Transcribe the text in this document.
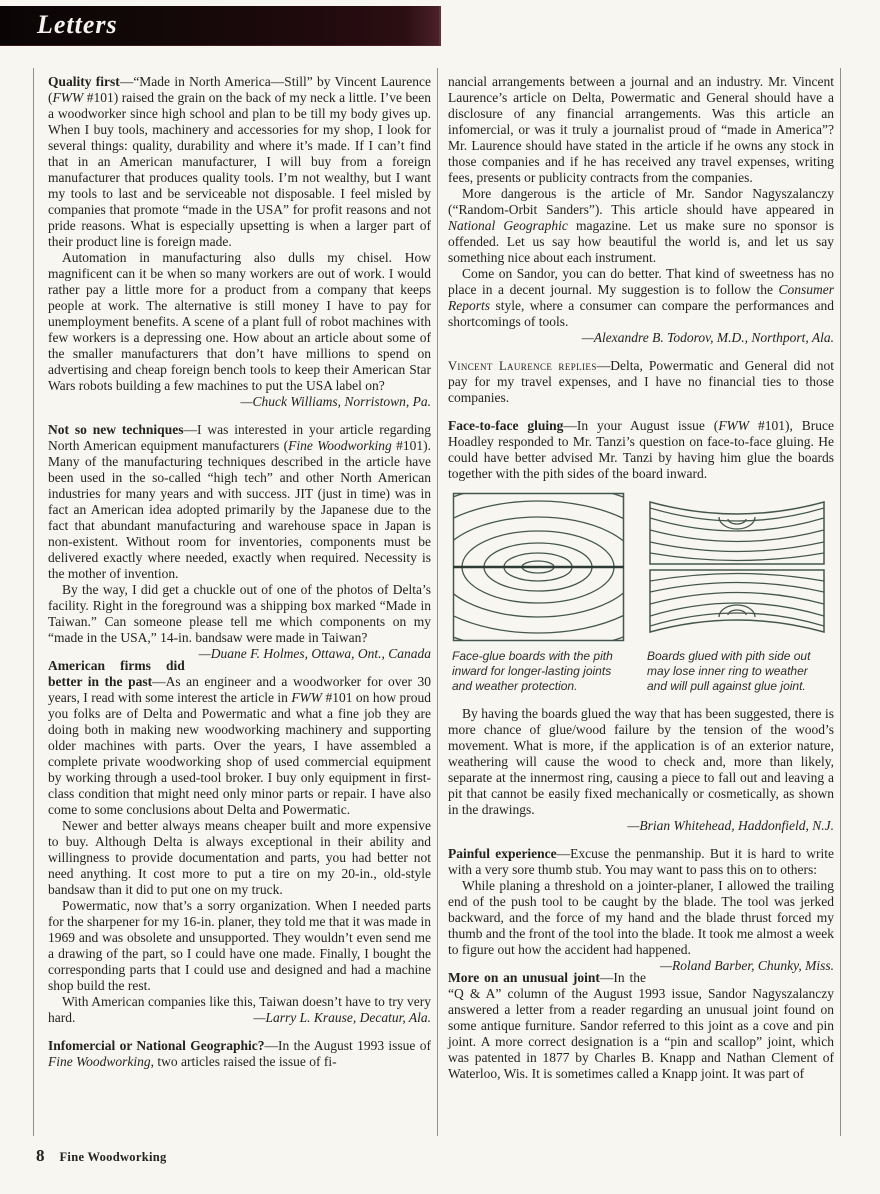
Letters

Quality first—“Made in North America—Still” by Vincent Laurence (FWW #101) raised the grain on the back of my neck a little. I’ve been a woodworker since high school and plan to be till my body gives up. When I buy tools, machinery and accessories for my shop, I look for several things: quality, durability and where it’s made. If I can’t find that in an American manufacturer, I will buy from a foreign manufacturer that produces quality tools. I’m not wealthy, but I want my tools to last and be serviceable not disposable. I feel misled by companies that promote “made in the USA” for profit reasons and not pride reasons. What is especially upsetting is when a larger part of their product line is foreign made.

Automation in manufacturing also dulls my chisel. How magnificent can it be when so many workers are out of work. I would rather pay a little more for a product from a company that keeps people at work. The alternative is still money I have to pay for unemployment benefits. A scene of a plant full of robot machines with few workers is a depressing one. How about an article about some of the smaller manufacturers that don’t have millions to spend on advertising and cheap foreign bench tools to keep their American Star Wars robots building a few machines to put the USA label on?

—Chuck Williams, Norristown, Pa.

Not so new techniques—I was interested in your article regarding North American equipment manufacturers (Fine Woodworking #101). Many of the manufacturing techniques described in the article have been used in the so-called “high tech” and other North American industries for many years and with success. JIT (just in time) was in fact an American idea adopted primarily by the Japanese due to the fact that abundant manufacturing and warehouse space in Japan is non-existent. Without room for inventories, components must be delivered exactly where needed, exactly when required. Necessity is the mother of invention.

By the way, I did get a chuckle out of one of the photos of Delta’s facility. Right in the foreground was a shipping box marked “Made in Taiwan.” Can someone please tell me which components on my “made in the USA,” 14-in. bandsaw were made in Taiwan?
—Duane F. Holmes, Ottawa, Ont., Canada

American firms did better in the past—As an engineer and a woodworker for over 30 years, I read with some interest the article in FWW #101 on how proud you folks are of Delta and Powermatic and what a fine job they are doing both in making new woodworking machinery and supporting older machines with parts. Over the years, I have assembled a complete private woodworking shop of used commercial equipment by working through a used-tool broker. I buy only equipment in first-class condition that might need only minor parts or repair. I have also come to some conclusions about Delta and Powermatic.

Newer and better always means cheaper built and more expensive to buy. Although Delta is always exceptional in their ability and willingness to provide documentation and parts, you had better not need anything. It cost more to put a tire on my 20-in., old-style bandsaw than it did to put one on my truck.

Powermatic, now that’s a sorry organization. When I needed parts for the sharpener for my 16-in. planer, they told me that it was made in 1969 and was obsolete and unsupported. They wouldn’t even send me a drawing of the part, so I could have one made. Finally, I bought the corresponding parts that I could use and designed and had a machine shop build the rest.

With American companies like this, Taiwan doesn’t have to try very hard.	—Larry L. Krause, Decatur, Ala.

Infomercial or National Geographic?—In the August 1993 issue of Fine Woodworking, two articles raised the issue of fi-

nancial arrangements between a journal and an industry. Mr. Vincent Laurence’s article on Delta, Powermatic and General should have a disclosure of any financial arrangements. Was this article an infomercial, or was it truly a journalist proud of “made in America”? Mr. Laurence should have stated in the article if he owns any stock in those companies and if he has received any travel expenses, writing fees, presents or publicity contracts from the companies.

More dangerous is the article of Mr. Sandor Nagyszalanczy (“Random-Orbit Sanders”). This article should have appeared in National Geographic magazine. Let us make sure no sponsor is offended. Let us say how beautiful the world is, and let us say something nice about each instrument.

Come on Sandor, you can do better. That kind of sweetness has no place in a decent journal. My suggestion is to follow the Consumer Reports style, where a consumer can compare the performances and shortcomings of tools.

—Alexandre B. Todorov, M.D., Northport, Ala.

Vincent Laurence replies—Delta, Powermatic and General did not pay for my travel expenses, and I have no financial ties to those companies.

Face-to-face gluing—In your August issue (FWW #101), Bruce Hoadley responded to Mr. Tanzi’s question on face-to-face gluing. He could have better advised Mr. Tanzi by having him glue the boards together with the pith sides of the board inward.

Face-glue boards with the pith inward for longer-lasting joints and weather protection.
Boards glued with pith side out may lose inner ring to weather and will pull against glue joint.

By having the boards glued the way that has been suggested, there is more chance of glue/wood failure by the tension of the wood’s movement. What is more, if the application is of an exterior nature, weathering will cause the wood to check and, more than likely, separate at the innermost ring, causing a piece to fall out and leaving a pit that cannot be easily fixed mechanically or cosmetically, as shown in the drawings.

—Brian Whitehead, Haddonfield, N.J.

Painful experience—Excuse the penmanship. But it is hard to write with a very sore thumb stub. You may want to pass this on to others:

While planing a threshold on a jointer-planer, I allowed the trailing end of the push tool to be caught by the blade. The tool was jerked backward, and the force of my hand and the blade thrust forced my thumb and the front of the tool into the blade. It took me almost a week to figure out how the accident had happened.
—Roland Barber, Chunky, Miss.

More on an unusual joint—In the “Q & A” column of the August 1993 issue, Sandor Nagyszalanczy answered a letter from a reader regarding an unusual joint found on some antique furniture. Sandor referred to this joint as a cove and pin joint. A more correct designation is a “pin and scallop” joint, which was patented in 1877 by Charles B. Knapp and Nathan Clement of Waterloo, Wis. It is sometimes called a Knapp joint. It was part of

8 Fine Woodworking
